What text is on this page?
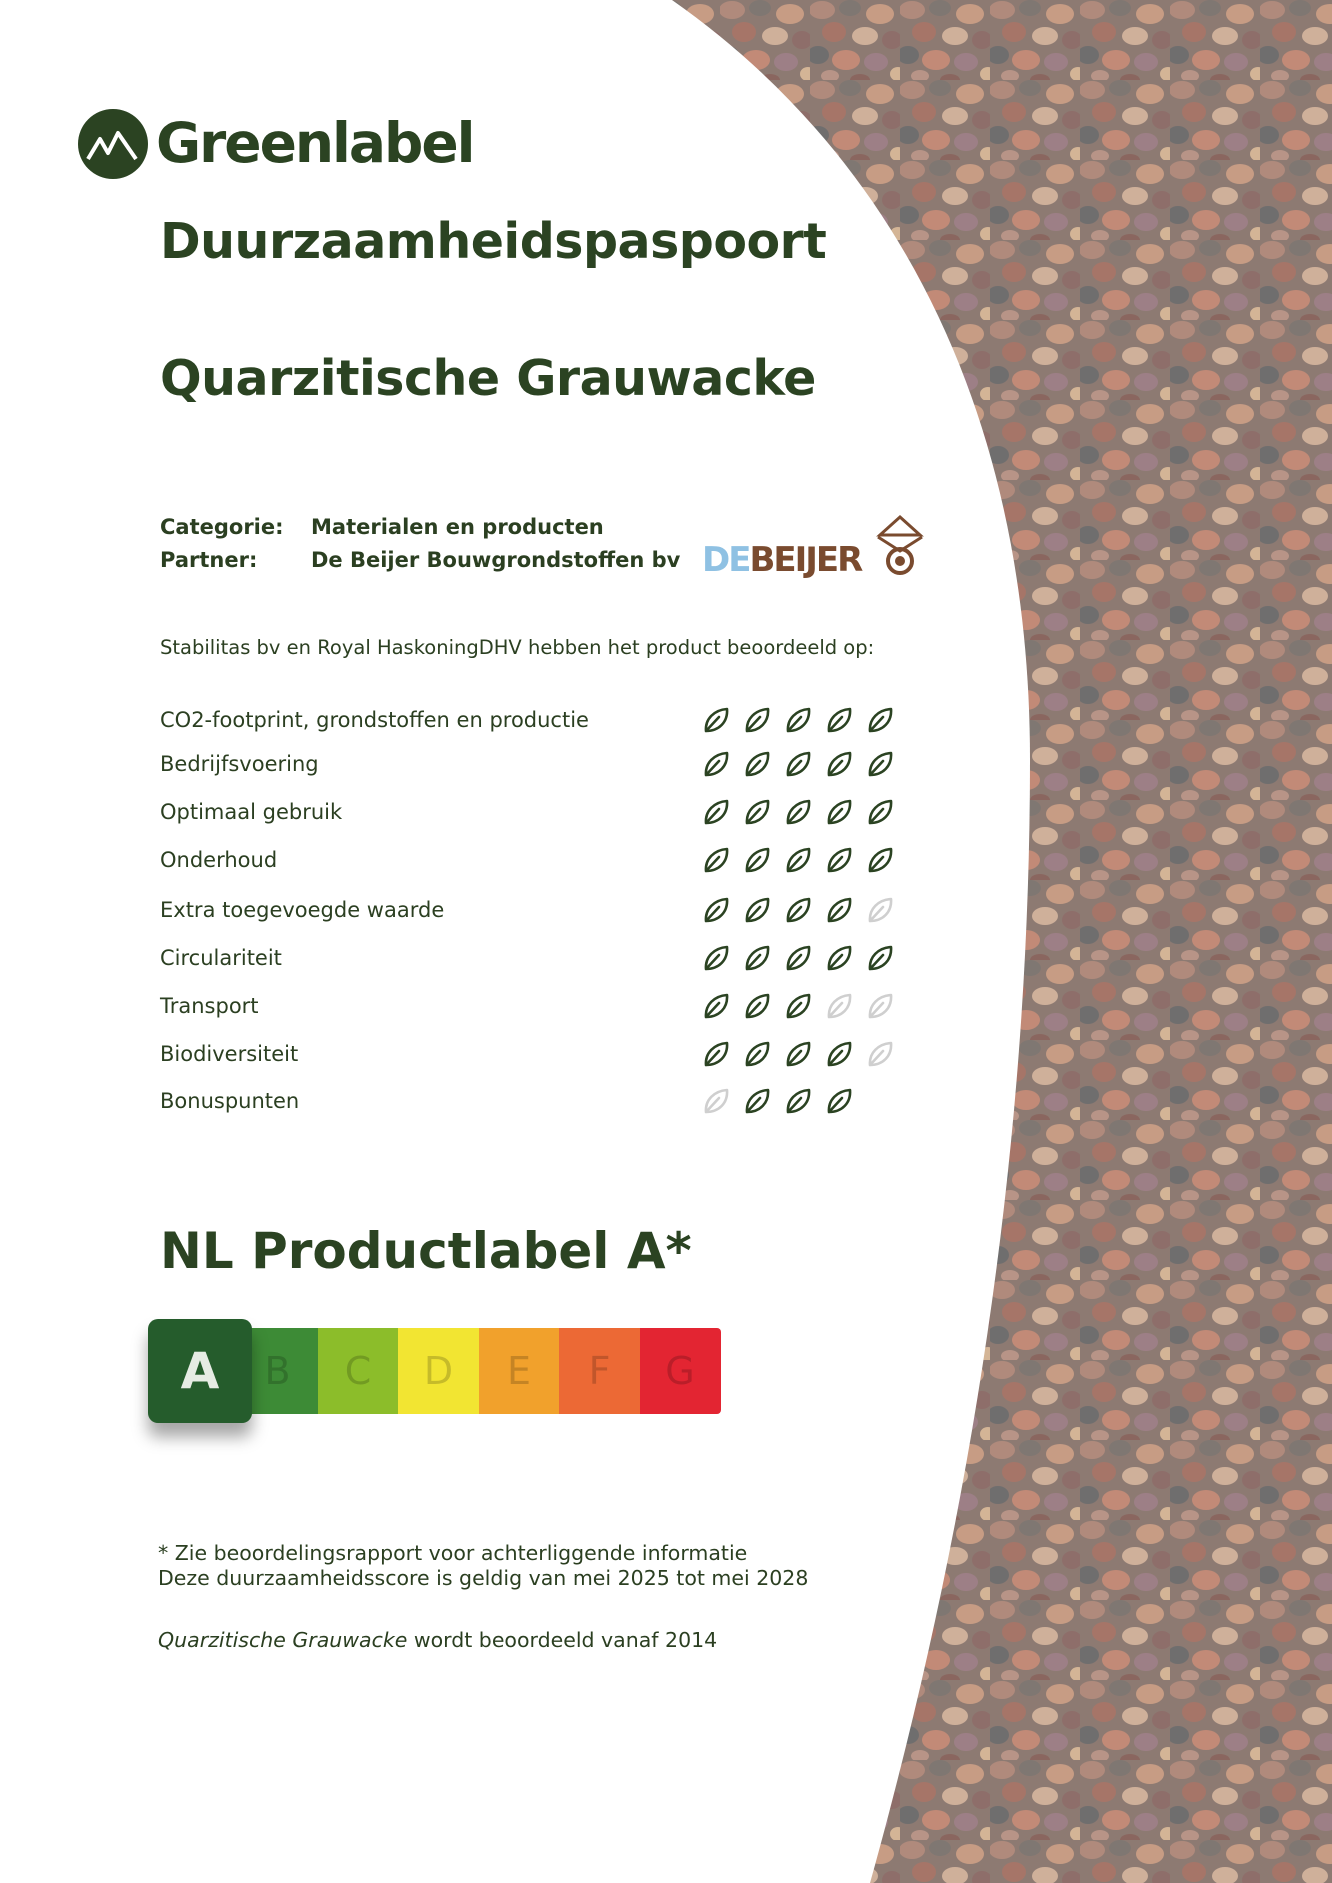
Greenlabel
Duurzaamheidspaspoort
Quarzitische Grauwacke
Categorie: Materialen en producten
Partner:	De Beijer Bouwgrondstoffen bv DEBEIJER
Stabilitas bv en Royal HaskoningDHV hebben het product beoordeeld op:
CO2-footprint, grondstoffen en productie
Bedrijfsvoering
Optimaal gebruik
Onderhoud
Extra toegevoegde waarde
Circulariteit
Transport
Biodiversiteit
Bonuspunten
NL Productlabel A*
A	B	C	D	E	F	G
* Zie beoordelingsrapport voor achterliggende informatie
Deze duurzaamheidsscore is geldig van mei 2025 tot mei 2028
Quarzitische Grauwacke wordt beoordeeld vanaf 2014
